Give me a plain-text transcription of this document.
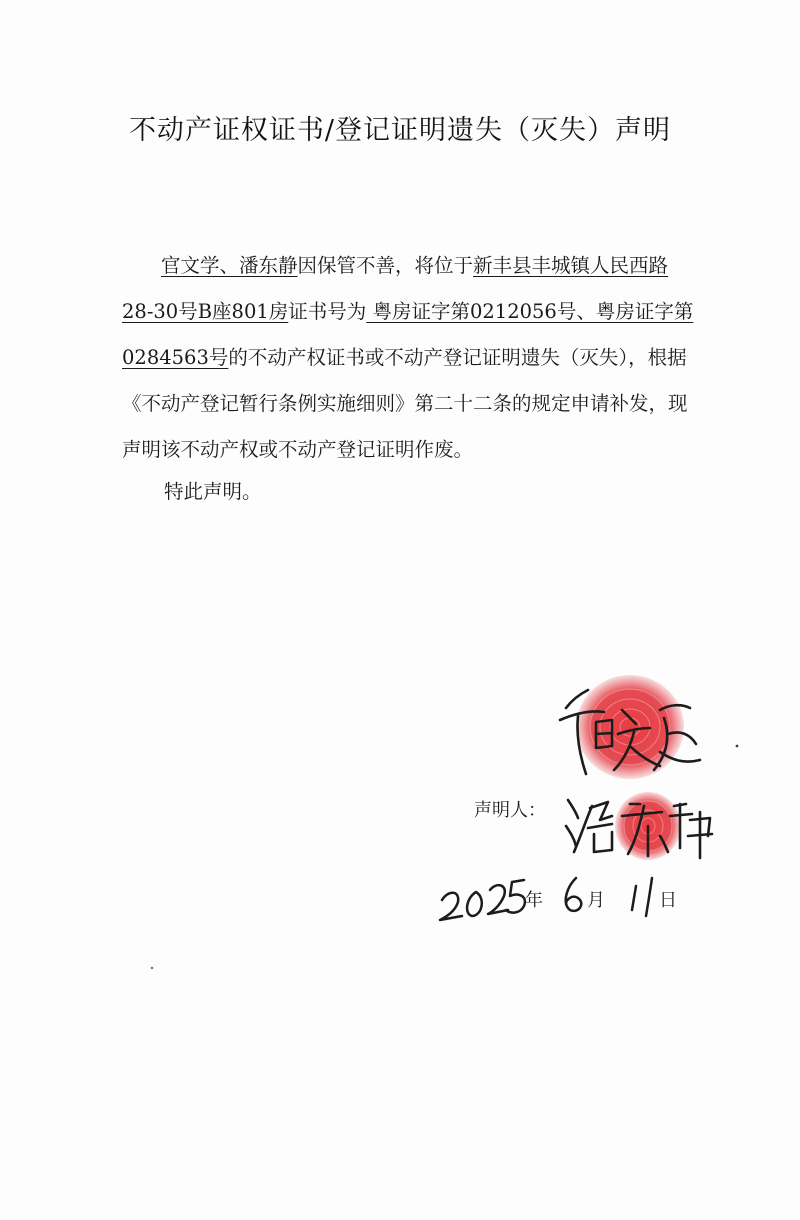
不动产证权证书/登记证明遗失（灭失）声明

官文学、潘东静因保管不善，将位于新丰县丰城镇人民西路28-30号B座801房证书号为 粤房证字第0212056号、粤房证字第0284563号的不动产权证书或不动产登记证明遗失（灭失），根据《不动产登记暂行条例实施细则》第二十二条的规定申请补发，现声明该不动产权或不动产登记证明作废。

特此声明。
声明人：
年 月	日
